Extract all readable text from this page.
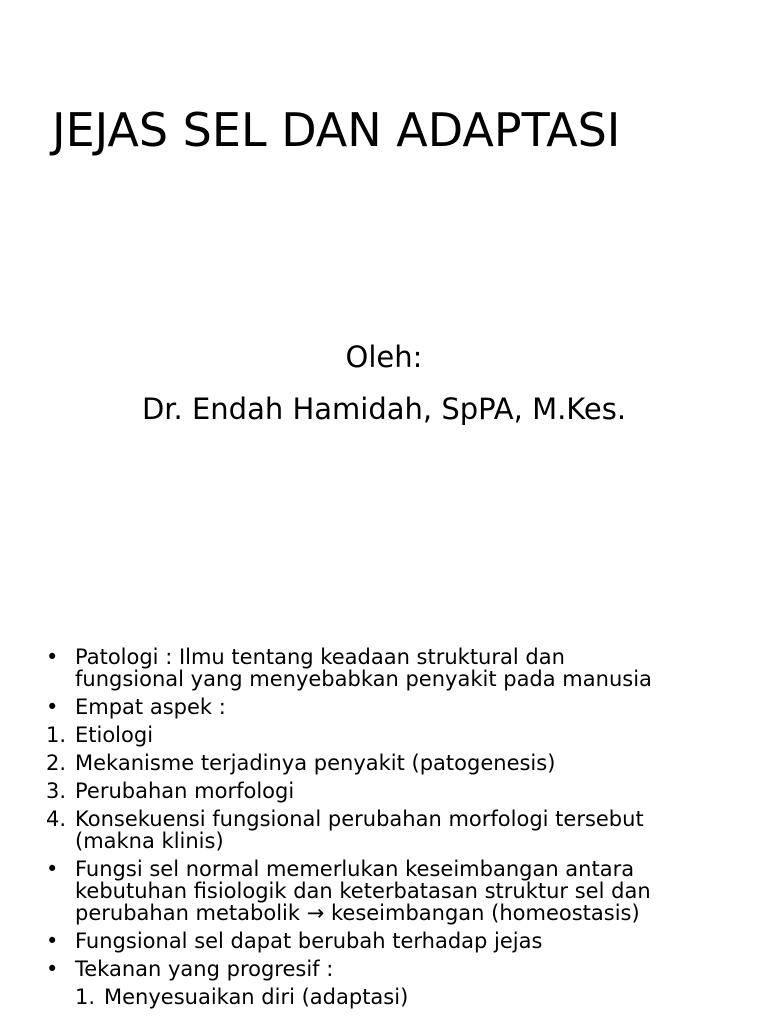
JEJAS SEL DAN ADAPTASI
Oleh:
Dr. Endah Hamidah, SpPA, M.Kes.
• Patologi : Ilmu tentang keadaan struktural dan
fungsional yang menyebabkan penyakit pada manusia
• Empat aspek :
1. Etiologi
2. Mekanisme terjadinya penyakit (patogenesis)
3. Perubahan morfologi
4. Konsekuensi fungsional perubahan morfologi tersebut
(makna klinis)
• Fungsi sel normal memerlukan keseimbangan antara
kebutuhan fisiologik dan keterbatasan struktur sel dan
perubahan metabolik → keseimbangan (homeostasis)
• Fungsional sel dapat berubah terhadap jejas
• Tekanan yang progresif :
1. Menyesuaikan diri (adaptasi)
